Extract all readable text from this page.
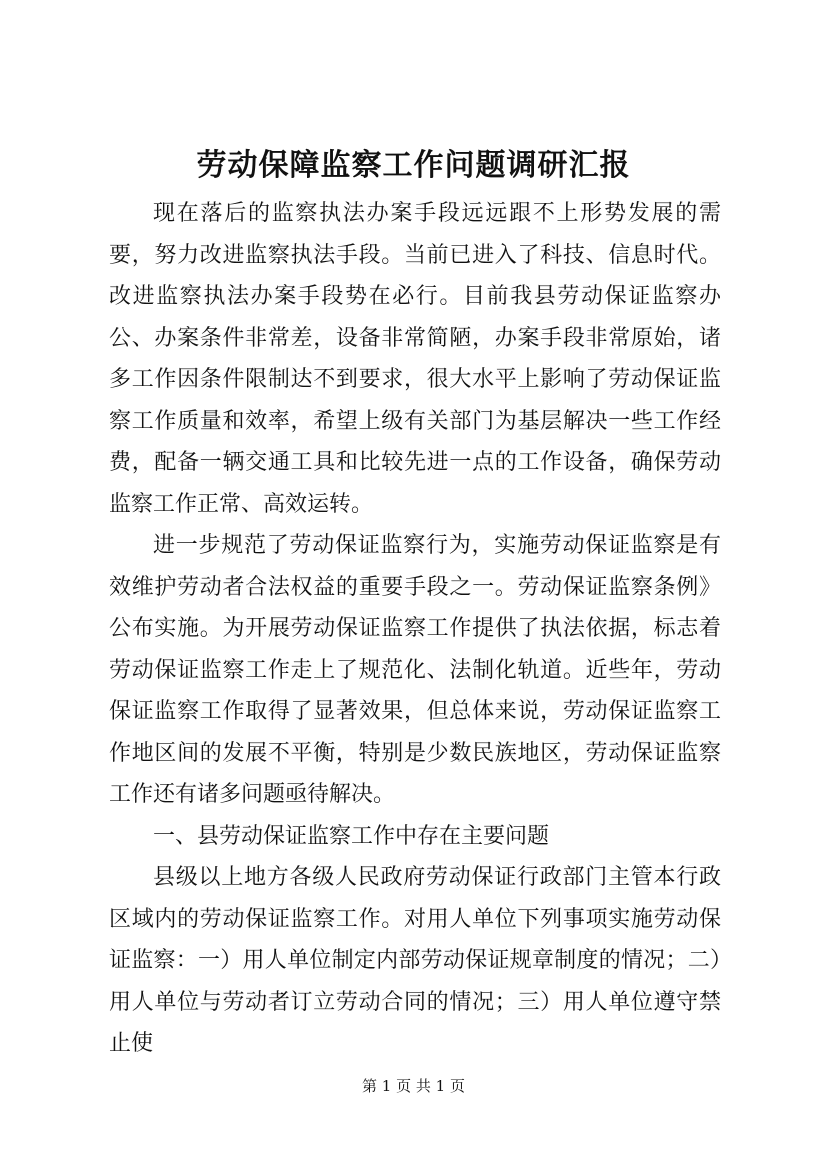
劳动保障监察工作问题调研汇报

现在落后的监察执法办案手段远远跟不上形势发展的需要，努力改进监察执法手段。当前已进入了科技、信息时代。改进监察执法办案手段势在必行。目前我县劳动保证监察办公、办案条件非常差，设备非常简陋，办案手段非常原始，诸多工作因条件限制达不到要求，很大水平上影响了劳动保证监察工作质量和效率，希望上级有关部门为基层解决一些工作经费，配备一辆交通工具和比较先进一点的工作设备，确保劳动监察工作正常、高效运转。

进一步规范了劳动保证监察行为，实施劳动保证监察是有效维护劳动者合法权益的重要手段之一。劳动保证监察条例》公布实施。为开展劳动保证监察工作提供了执法依据，标志着劳动保证监察工作走上了规范化、法制化轨道。近些年，劳动保证监察工作取得了显著效果，但总体来说，劳动保证监察工作地区间的发展不平衡，特别是少数民族地区，劳动保证监察工作还有诸多问题亟待解决。

一、县劳动保证监察工作中存在主要问题

县级以上地方各级人民政府劳动保证行政部门主管本行政区域内的劳动保证监察工作。对用人单位下列事项实施劳动保证监察：一）用人单位制定内部劳动保证规章制度的情况；二）用人单位与劳动者订立劳动合同的情况；三）用人单位遵守禁止使

第 1 页 共 1 页
